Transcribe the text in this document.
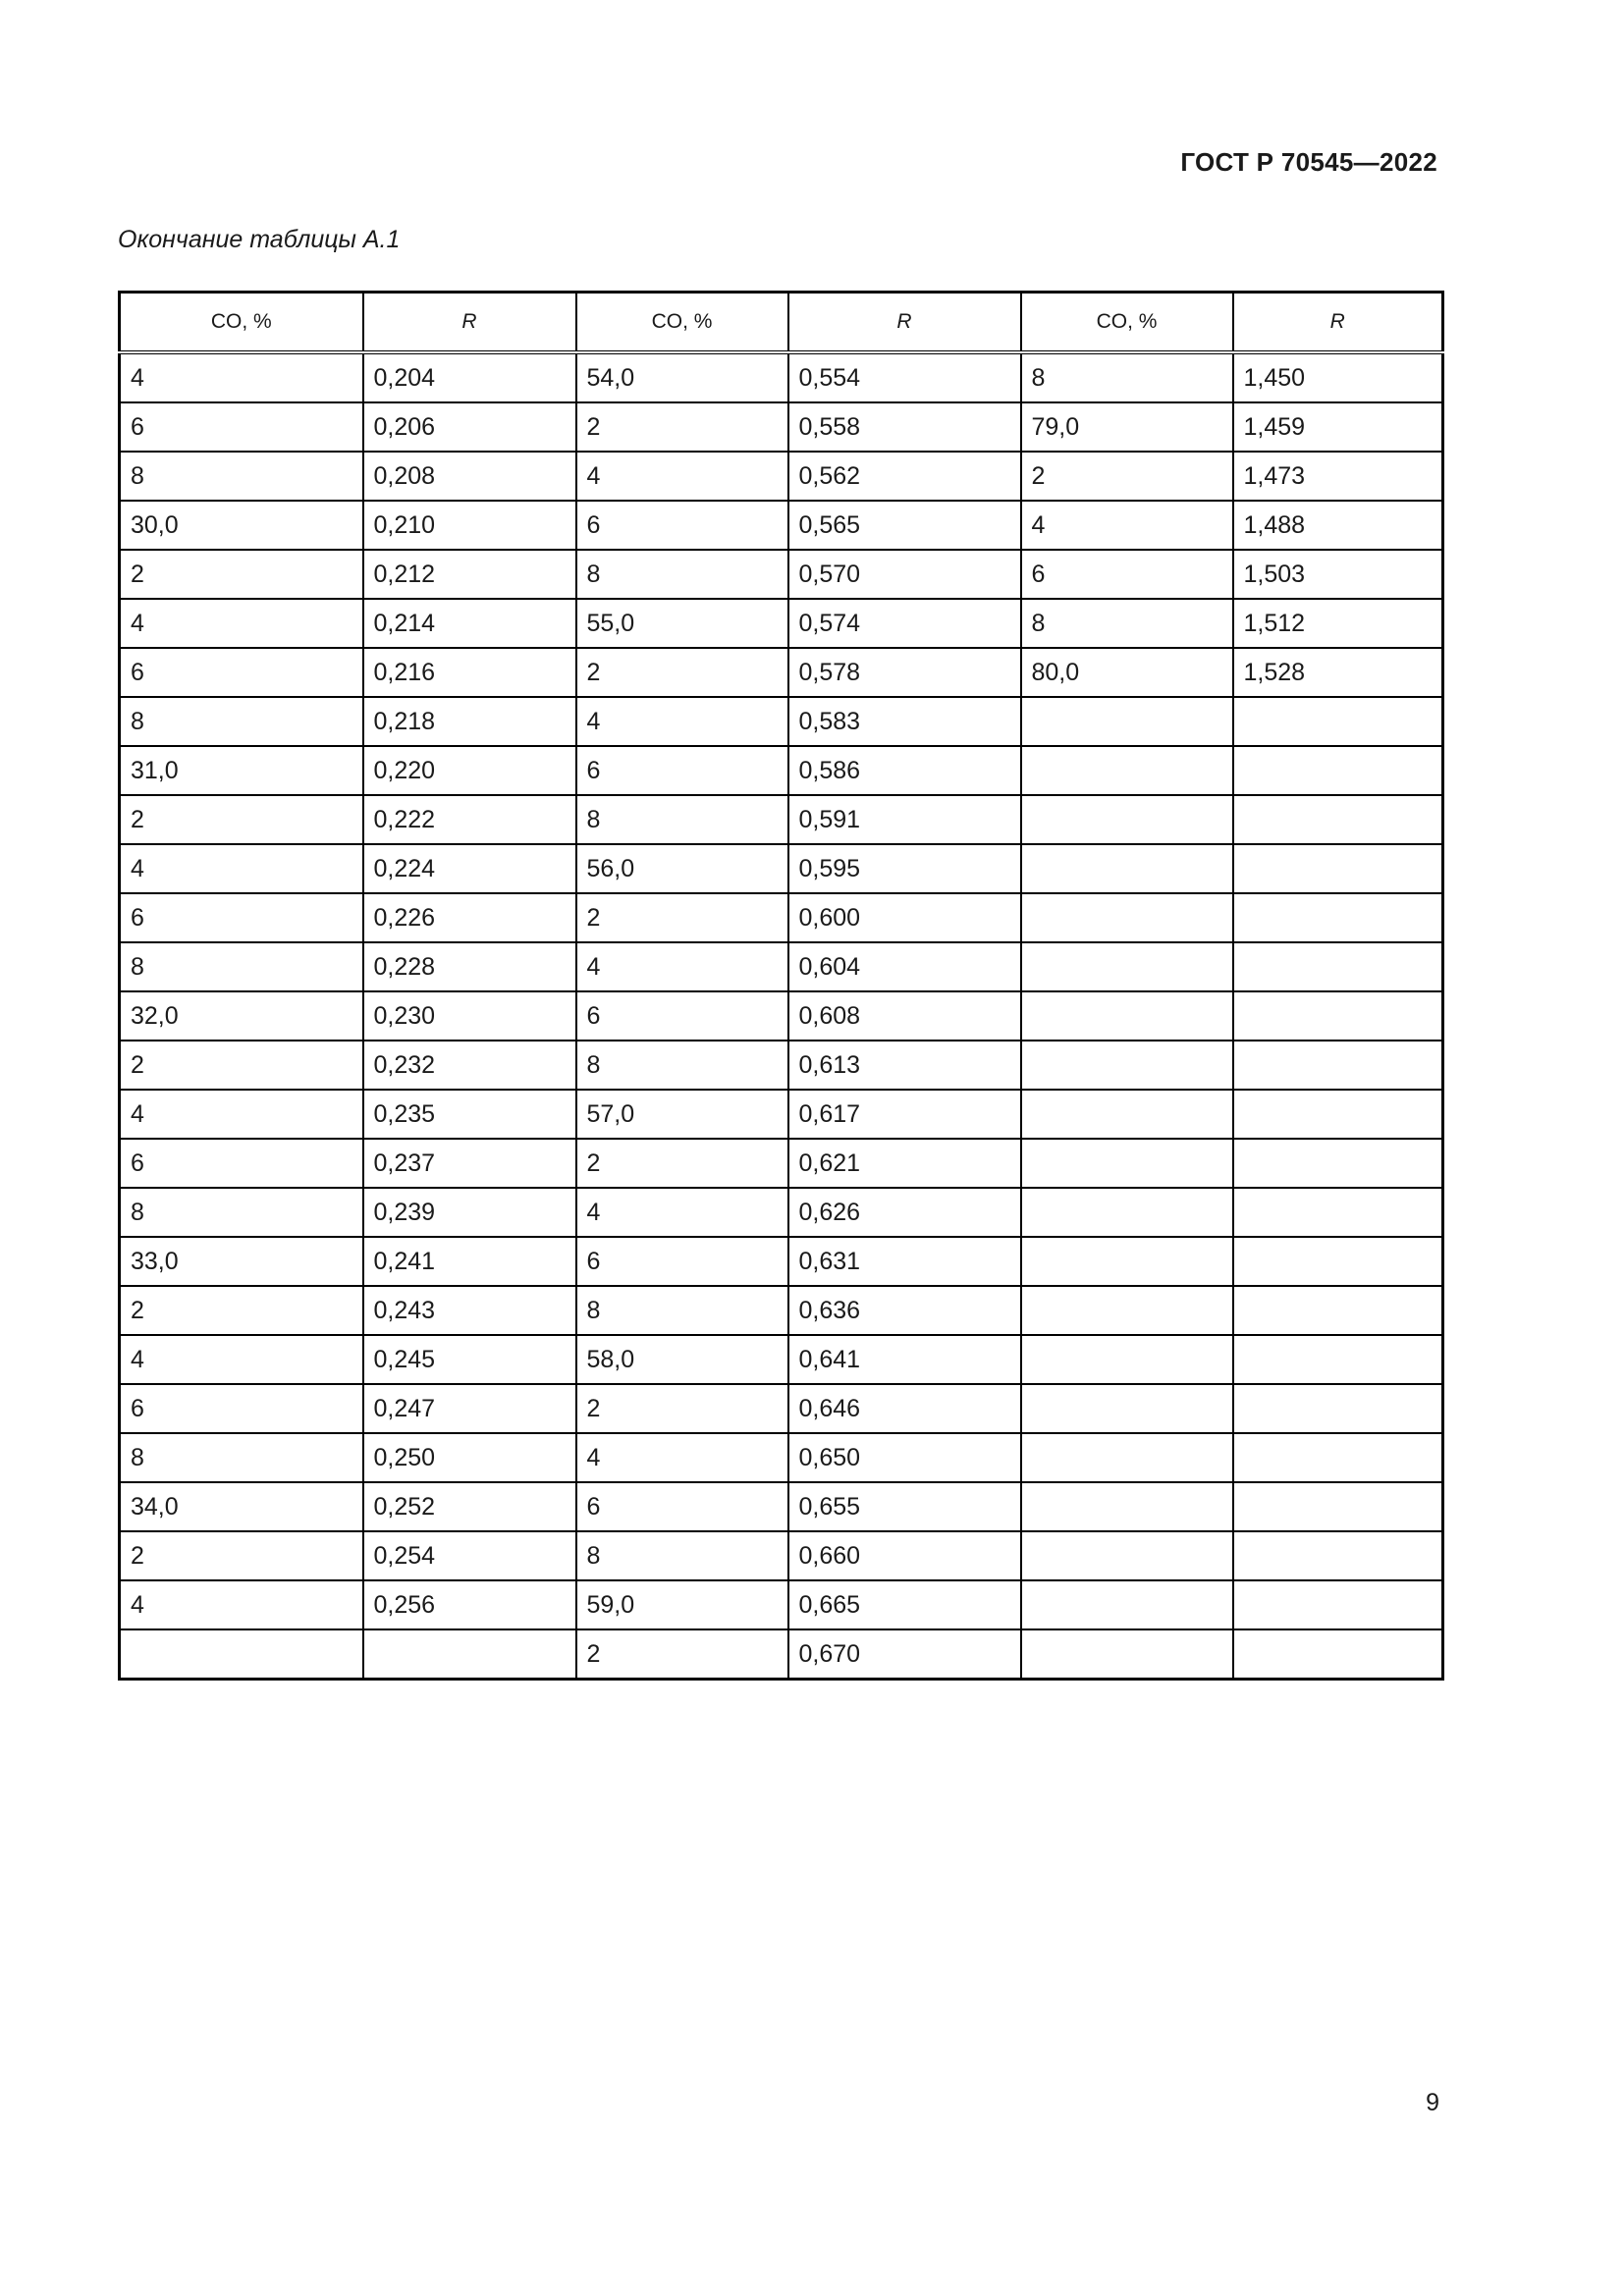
ГОСТ Р 70545—2022
Окончание таблицы А.1
CO, %	R	CO, %	R	CO, %	R
4	0,204	54,0	0,554	8	1,450
6	0,206	2	0,558	79,0	1,459
8	0,208	4	0,562	2	1,473
30,0	0,210	6	0,565	4	1,488
2	0,212	8	0,570	6	1,503
4	0,214	55,0	0,574	8	1,512
6	0,216	2	0,578	80,0	1,528
8	0,218	4	0,583		
31,0	0,220	6	0,586		
2	0,222	8	0,591		
4	0,224	56,0	0,595		
6	0,226	2	0,600		
8	0,228	4	0,604		
32,0	0,230	6	0,608		
2	0,232	8	0,613		
4	0,235	57,0	0,617		
6	0,237	2	0,621		
8	0,239	4	0,626		
33,0	0,241	6	0,631		
2	0,243	8	0,636		
4	0,245	58,0	0,641		
6	0,247	2	0,646		
8	0,250	4	0,650		
34,0	0,252	6	0,655		
2	0,254	8	0,660		
4	0,256	59,0	0,665		
		2	0,670		
9
